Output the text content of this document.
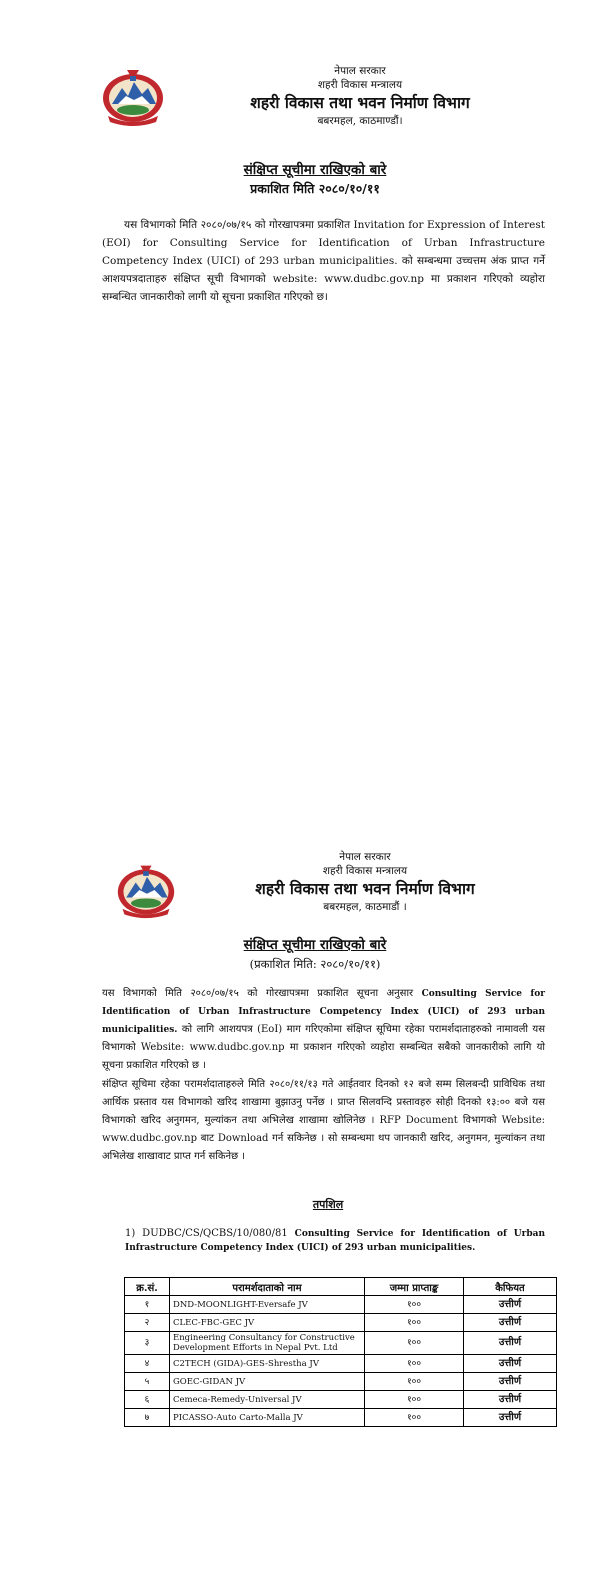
नेपाल सरकार
शहरी विकास मन्त्रालय
शहरी विकास तथा भवन निर्माण विभाग
बबरमहल, काठमाण्डौं।
संक्षिप्त सूचीमा राखिएको बारे
प्रकाशित मिति २०८०/१०/११
यस विभागको मिति २०८०/०७/१५ को गोरखापत्रमा प्रकाशित Invitation for Expression of Interest (EOI) for Consulting Service for Identification of Urban Infrastructure Competency Index (UICI) of 293 urban municipalities. को सम्बन्धमा उच्चत्तम अंक प्राप्त गर्ने आशयपत्रदाताहरु संक्षिप्त सूची विभागको website: www.dudbc.gov.np मा प्रकाशन गरिएको व्यहोरा सम्बन्धित जानकारीको लागी यो सूचना प्रकाशित गरिएको छ।
नेपाल सरकार
शहरी विकास मन्त्रालय
शहरी विकास तथा भवन निर्माण विभाग
बबरमहल, काठमाडौं ।
संक्षिप्त सूचीमा राखिएको बारे
(प्रकाशित मिति: २०८०/१०/११)
यस विभागको मिति २०८०/०७/१५ को गोरखापत्रमा प्रकाशित सूचना अनुसार Consulting Service for Identification of Urban Infrastructure Competency Index (UICI) of 293 urban municipalities. को लागि आशयपत्र (EoI) माग गरिएकोमा संक्षिप्त सूचिमा रहेका परामर्शदाताहरुको नामावली यस विभागको Website: www.dudbc.gov.np मा प्रकाशन गरिएको व्यहोरा सम्बन्धित सबैको जानकारीको लागि यो सूचना प्रकाशित गरिएको छ ।
संक्षिप्त सूचिमा रहेका परामर्शदाताहरुले मिति २०८०/११/१३ गते आईतवार दिनको १२ बजे सम्म सिलबन्दी प्राविधिक तथा आर्थिक प्रस्ताव यस विभागको खरिद शाखामा बुझाउनु पर्नेछ । प्राप्त सिलवन्दि प्रस्तावहरु सोही दिनको १३:०० बजे यस विभागको खरिद अनुगमन, मुल्यांकन तथा अभिलेख शाखामा खोलिनेछ । RFP Document विभागको Website: www.dudbc.gov.np बाट Download गर्न सकिनेछ । सो सम्बन्धमा थप जानकारी खरिद, अनुगमन, मुल्यांकन तथा अभिलेख शाखावाट प्राप्त गर्न सकिनेछ ।
तपशिल
1) DUDBC/CS/QCBS/10/080/81 Consulting Service for Identification of Urban Infrastructure Competency Index (UICI) of 293 urban municipalities.
क्र.सं.	परामर्शदाताको नाम	जम्मा प्राप्ताङ्क	कैफियत
१	DND-MOONLIGHT-Eversafe JV	१००	उत्तीर्ण
२	CLEC-FBC-GEC JV	१००	उत्तीर्ण
३	Engineering Consultancy for Constructive Development Efforts in Nepal Pvt. Ltd	१००	उत्तीर्ण
४	C2TECH (GIDA)-GES-Shrestha JV	१००	उत्तीर्ण
५	GOEC-GIDAN JV	१००	उत्तीर्ण
६	Cemeca-Remedy-Universal JV	१००	उत्तीर्ण
७	PICASSO-Auto Carto-Malla JV	१००	उत्तीर्ण
